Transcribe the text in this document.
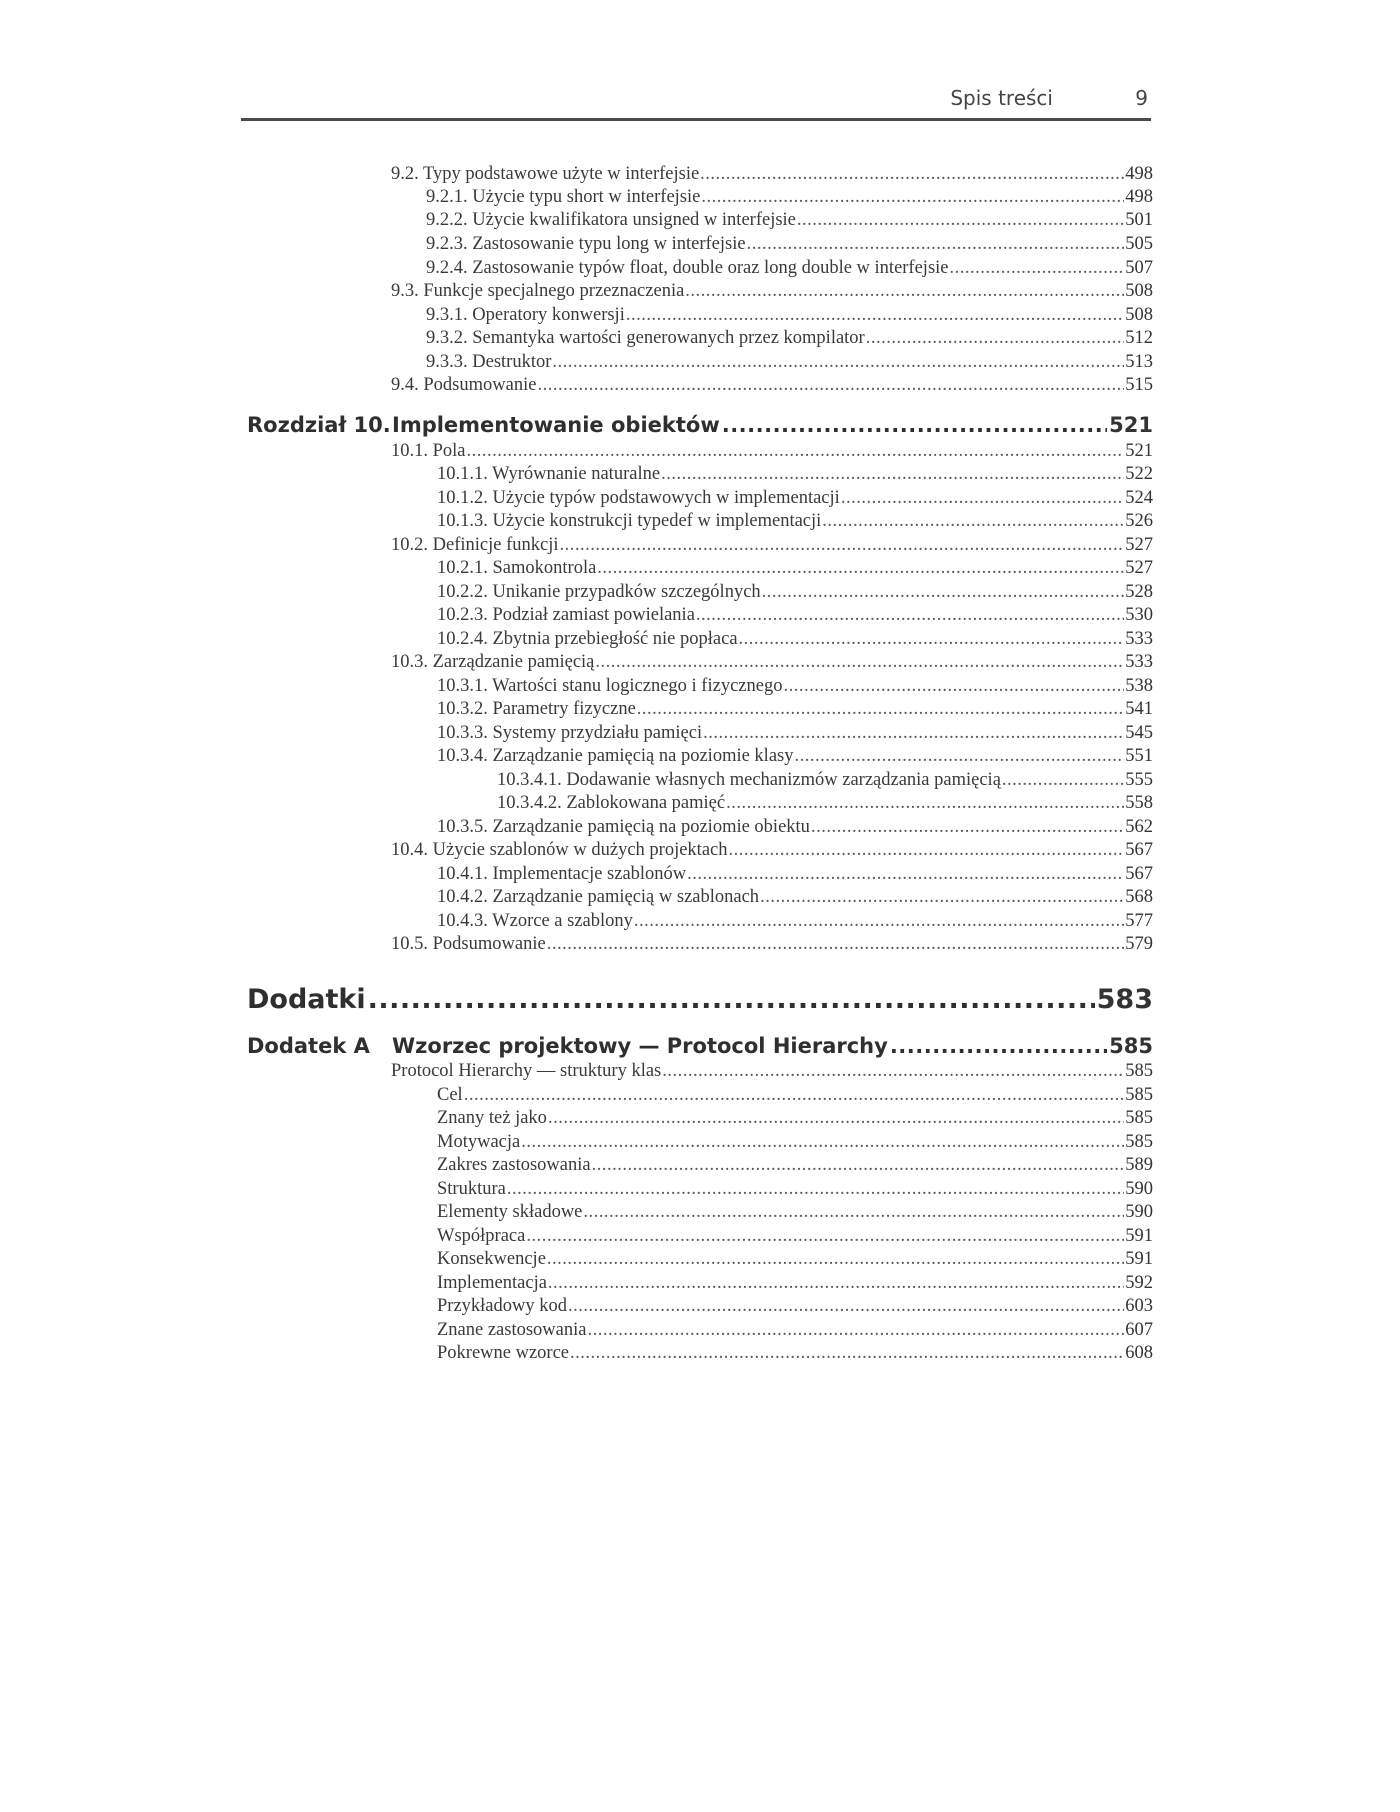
Spis treści	9
9.2. Typy podstawowe użyte w interfejsie .....	498
9.2.1. Użycie typu short w interfejsie .....	498
9.2.2. Użycie kwalifikatora unsigned w interfejsie .....	501
9.2.3. Zastosowanie typu long w interfejsie .....	505
9.2.4. Zastosowanie typów float, double oraz long double w interfejsie .....	507
9.3. Funkcje specjalnego przeznaczenia .....	508
9.3.1. Operatory konwersji .....	508
9.3.2. Semantyka wartości generowanych przez kompilator .....	512
9.3.3. Destruktor .....	513
9.4. Podsumowanie .....	515
Rozdział 10. Implementowanie obiektów .....	521
10.1. Pola .....	521
10.1.1. Wyrównanie naturalne .....	522
10.1.2. Użycie typów podstawowych w implementacji .....	524
10.1.3. Użycie konstrukcji typedef w implementacji .....	526
10.2. Definicje funkcji .....	527
10.2.1. Samokontrola .....	527
10.2.2. Unikanie przypadków szczególnych .....	528
10.2.3. Podział zamiast powielania .....	530
10.2.4. Zbytnia przebiegłość nie popłaca .....	533
10.3. Zarządzanie pamięcią .....	533
10.3.1. Wartości stanu logicznego i fizycznego .....	538
10.3.2. Parametry fizyczne .....	541
10.3.3. Systemy przydziału pamięci .....	545
10.3.4. Zarządzanie pamięcią na poziomie klasy .....	551
10.3.4.1. Dodawanie własnych mechanizmów zarządzania pamięcią .....	555
10.3.4.2. Zablokowana pamięć .....	558
10.3.5. Zarządzanie pamięcią na poziomie obiektu .....	562
10.4. Użycie szablonów w dużych projektach .....	567
10.4.1. Implementacje szablonów .....	567
10.4.2. Zarządzanie pamięcią w szablonach .....	568
10.4.3. Wzorce a szablony .....	577
10.5. Podsumowanie .....	579
Dodatki .....	583
Dodatek A	Wzorzec projektowy — Protocol Hierarchy .....	585
Protocol Hierarchy — struktury klas .....	585
Cel .....	585
Znany też jako .....	585
Motywacja .....	585
Zakres zastosowania .....	589
Struktura .....	590
Elementy składowe .....	590
Współpraca .....	591
Konsekwencje .....	591
Implementacja .....	592
Przykładowy kod .....	603
Znane zastosowania .....	607
Pokrewne wzorce .....	608
